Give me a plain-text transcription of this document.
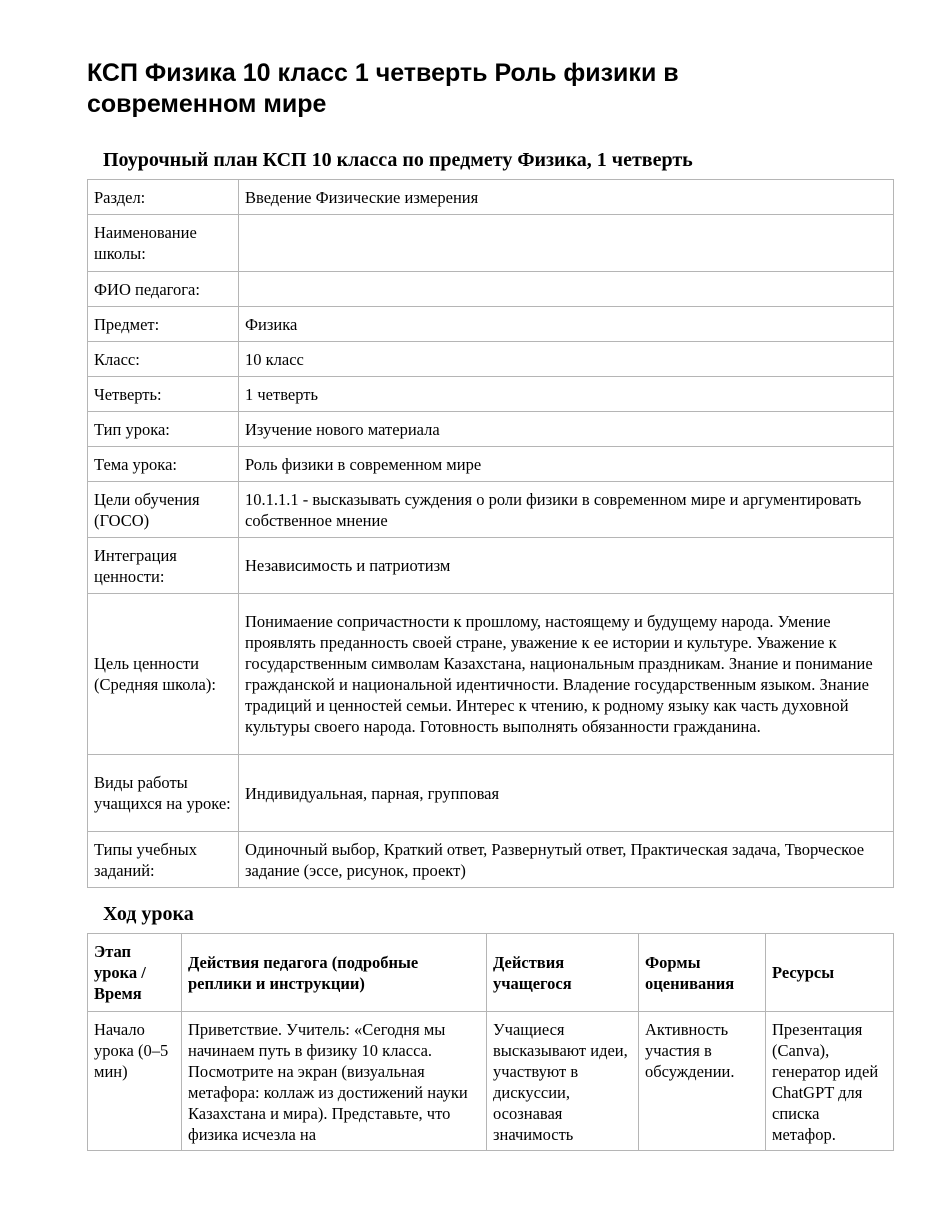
КСП Физика 10 класс 1 четверть Роль физики в современном мире
Поурочный план КСП 10 класса по предмету Физика, 1 четверть
Раздел:	Введение Физические измерения
Наименование школы:	
ФИО педагога:	
Предмет:	Физика
Класс:	10 класс
Четверть:	1 четверть
Тип урока:	Изучение нового материала
Тема урока:	Роль физики в современном мире
Цели обучения (ГОСО)	10.1.1.1 - высказывать суждения о роли физики в современном мире и аргументировать собственное мнение
Интеграция ценности:	Независимость и патриотизм
Цель ценности (Средняя школа):	Понимаение сопричастности к прошлому, настоящему и будущему народа. Умение проявлять преданность своей стране, уважение к ее истории и культуре. Уважение к государственным символам Казахстана, национальным праздникам. Знание и понимание гражданской и национальной идентичности. Владение государственным языком. Знание традиций и ценностей семьи. Интерес к чтению, к родному языку как часть духовной культуры своего народа. Готовность выполнять обязанности гражданина.
Виды работы учащихся на уроке:	Индивидуальная, парная, групповая
Типы учебных заданий:	Одиночный выбор, Краткий ответ, Развернутый ответ, Практическая задача, Творческое задание (эссе, рисунок, проект)
Ход урока
Этап урока / Время	Действия педагога (подробные реплики и инструкции)	Действия учащегося	Формы оценивания	Ресурсы

Начало урока (0–5 мин)	Приветствие. Учитель: «Сегодня мы начинаем путь в физику 10 класса. Посмотрите на экран (визуальная метафора: коллаж из достижений науки Казахстана и мира). Представьте, что физика исчезла на	Учащиеся высказывают идеи, участвуют в дискуссии, осознавая значимость	Активность участия в обсуждении.	Презентация (Canva), генератор идей ChatGPT для списка метафор.
